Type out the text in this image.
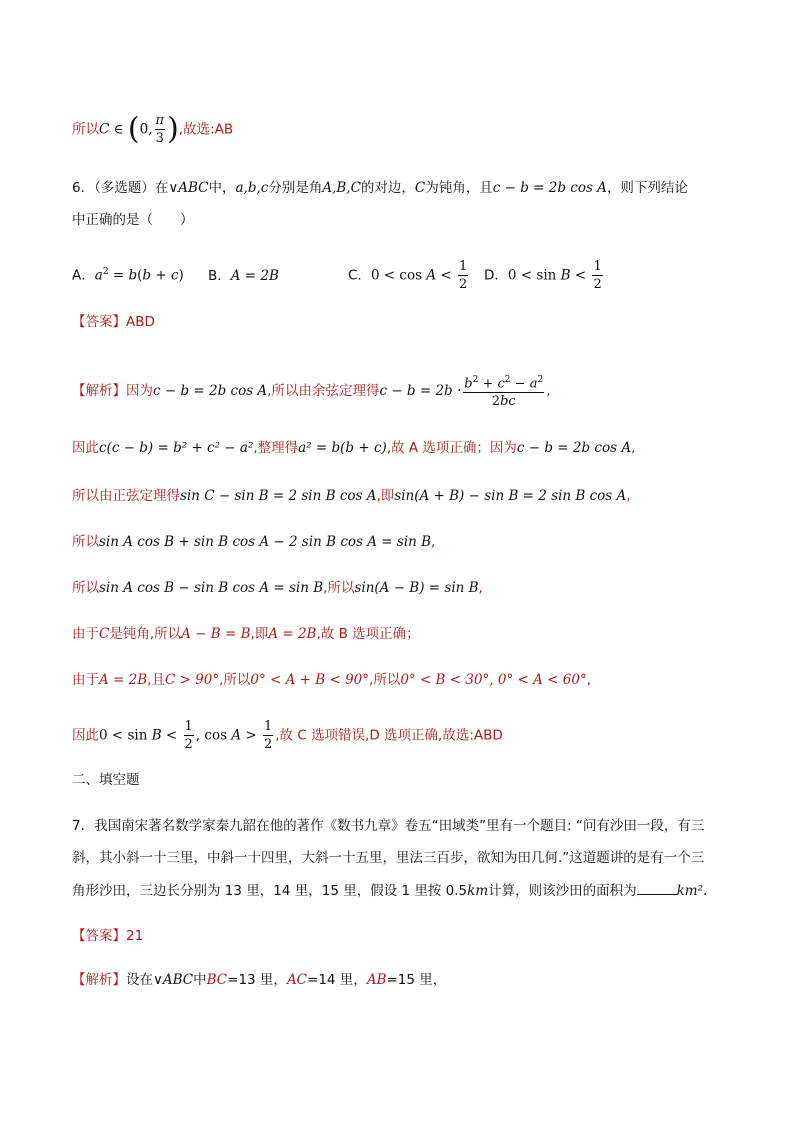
所以C ∈ (0, $\frac{\pi}{3}$ ),故选:AB
6．（多选题）在∨ABC中，a,b,c分别是角A,B,C的对边，C为钝角，且c − b = 2b cos A，则下列结论
中正确的是（　　）
A．$a^2 = b(b + c)$ B．A = 2B	C．$0 < \cos A < \frac{1}{2}$ D．$0 < \sin B < \frac{1}{2}$
【答案】ABD
【解析】因为c − b = 2b cos A,所以由余弦定理得$c - b = 2b \cdot \frac{b^2 + c^2 - a^2}{2bc}$ ,
因此c(c − b) = b² + c² − a²,整理得a² = b(b + c),故 A 选项正确；因为c − b = 2b cos A,
所以由正弦定理得sin C − sin B = 2 sin B cos A,即sin(A + B) − sin B = 2 sin B cos A,
所以sin A cos B + sin B cos A − 2 sin B cos A = sin B,
所以sin A cos B − sin B cos A = sin B,所以sin(A − B) = sin B,
由于C是钝角,所以A − B = B,即A = 2B,故 B 选项正确；
由于A = 2B,且C > 90°,所以0° < A + B < 90°,所以0° < B < 30°, 0° < A < 60°,
因此$0 < \sin B < \frac{1}{2}$ , $\cos A > \frac{1}{2}$ ,故 C 选项错误,D 选项正确,故选:ABD
二、填空题
7．我国南宋著名数学家秦九韶在他的著作《数书九章》卷五“田域类”里有一个题目: “问有沙田一段，有三
斜，其小斜一十三里，中斜一十四里，大斜一十五里，里法三百步，欲知为田几何.”这道题讲的是有一个三
角形沙田，三边长分别为 13 里，14 里，15 里，假设 1 里按 0.5km计算，则该沙田的面积为	km².
【答案】21
【解析】设在∨ABC中BC=13 里，AC=14 里，AB=15 里，
